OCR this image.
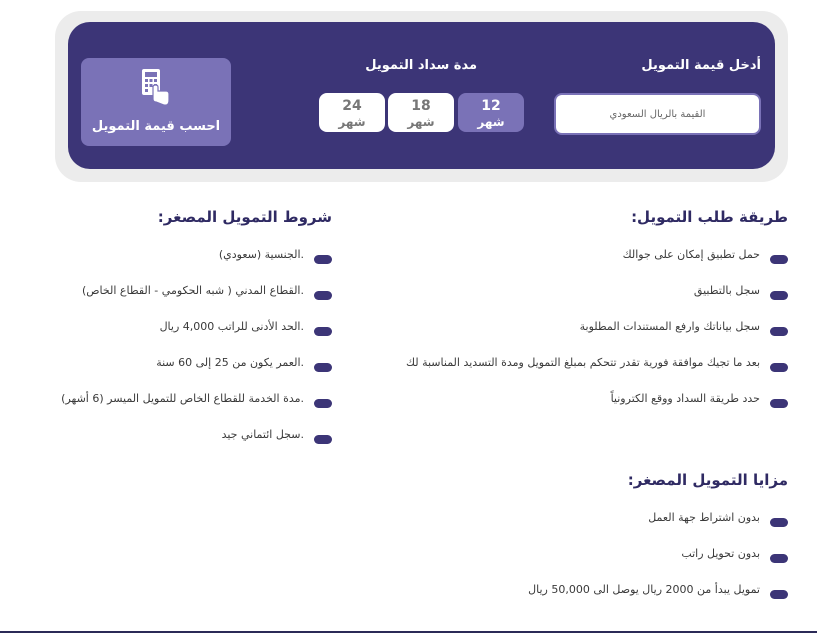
احسب قيمة التمويل
أدخل قيمة التمويل
مدة سداد التمويل
القيمة بالريال السعودي
12
شهر
18
شهر
24
شهر
طريقة طلب التمويل:
حمل تطبيق إمكان على جوالك
سجل بالتطبيق
سجل بياناتك وارفع المستندات المطلوبة
بعد ما تجيك موافقة فورية تقدر تتحكم بمبلغ التمويل ومدة التسديد المناسبة لك
حدد طريقة السداد ووقع الكترونياً
شروط التمويل المصغر:
.الجنسية (سعودي)
.القطاع المدني ( شبه الحكومي - القطاع الخاص)
.الحد الأدنى للراتب 4,000 ريال
.العمر يكون من 25 إلى 60 سنة
.مدة الخدمة للقطاع الخاص للتمويل الميسر (6 أشهر)
.سجل ائتماني جيد
مزايا التمويل المصغر:
بدون اشتراط جهة العمل
بدون تحويل راتب
تمويل يبدأ من 2000 ريال يوصل الى 50,000 ريال
